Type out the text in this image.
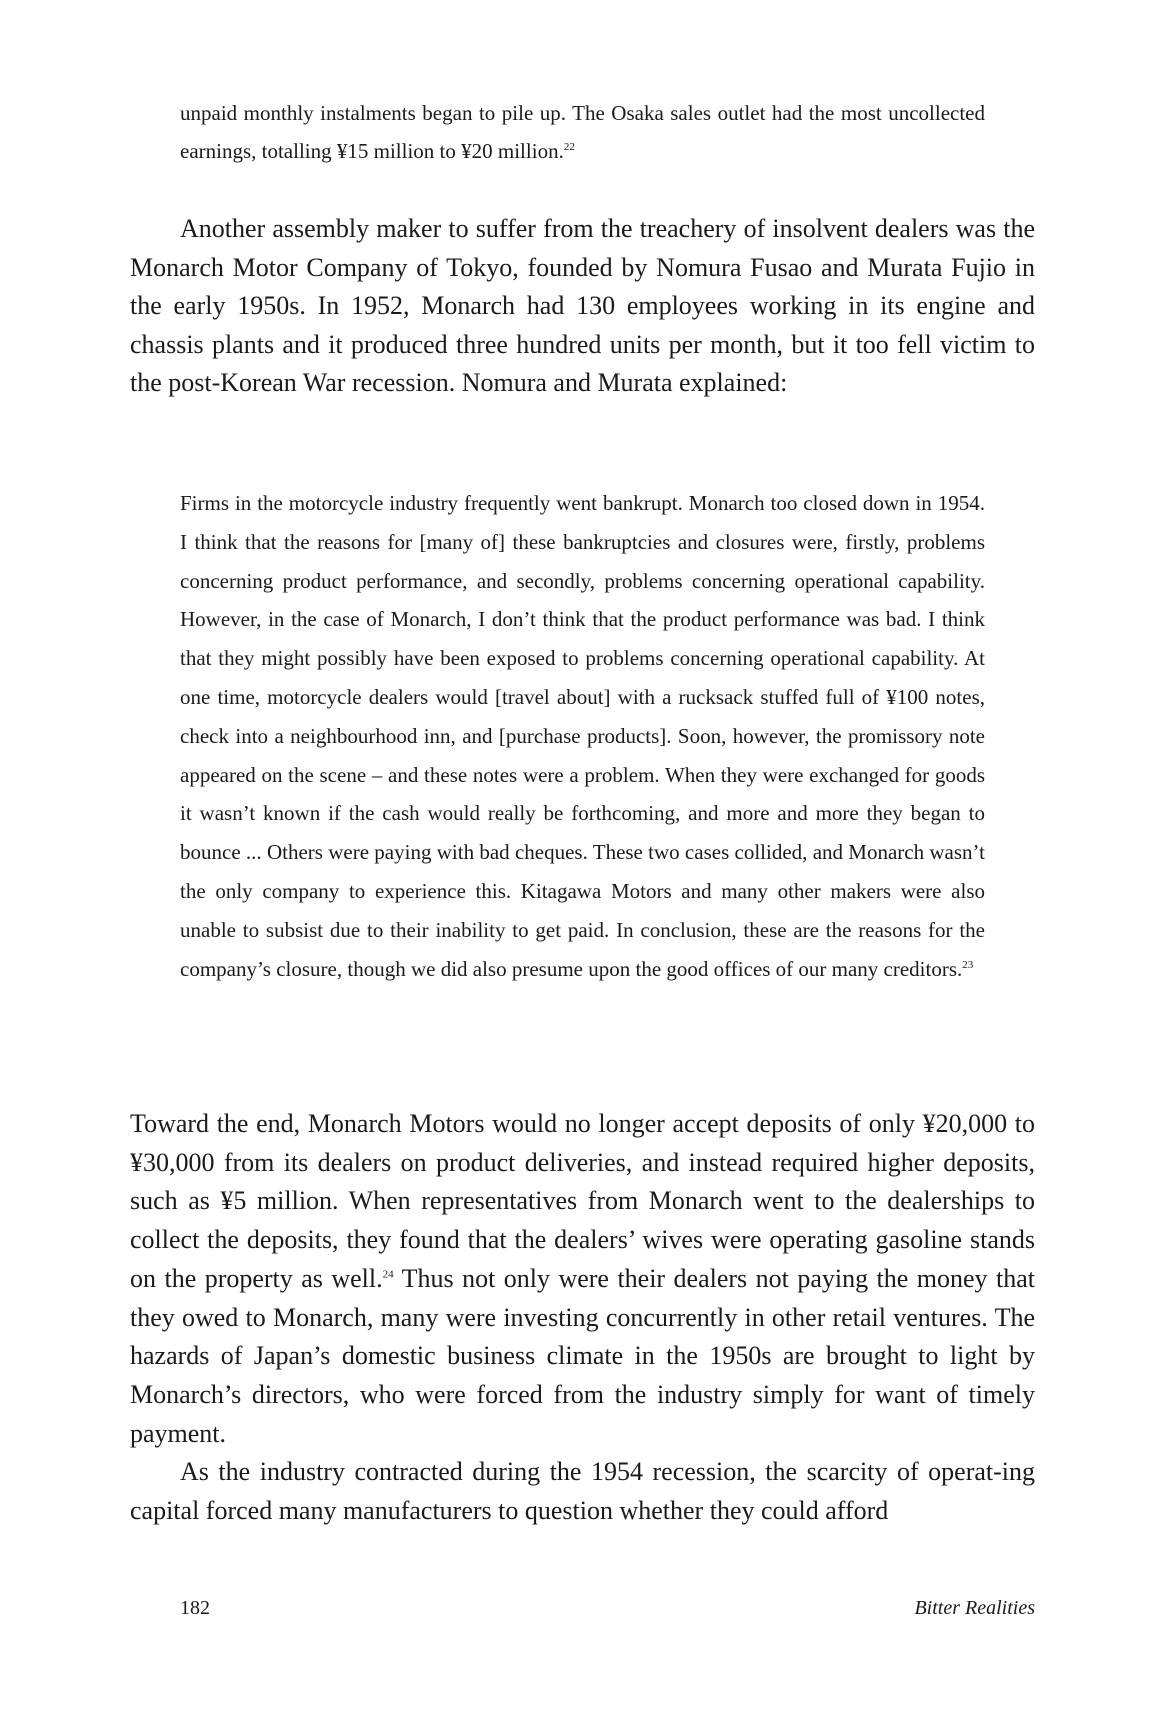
unpaid monthly instalments began to pile up. The Osaka sales outlet had the most uncollected earnings, totalling ¥15 million to ¥20 million.$^{22}$

Another assembly maker to suffer from the treachery of insolvent dealers was the Monarch Motor Company of Tokyo, founded by Nomura Fusao and Murata Fujio in the early 1950s. In 1952, Monarch had 130 employees working in its engine and chassis plants and it produced three hundred units per month, but it too fell victim to the post-Korean War recession. Nomura and Murata explained:

Firms in the motorcycle industry frequently went bankrupt. Monarch too closed down in 1954. I think that the reasons for [many of] these bankruptcies and closures were, firstly, problems concerning product performance, and secondly, problems concerning operational capability. However, in the case of Monarch, I don’t think that the product performance was bad. I think that they might possibly have been exposed to problems concerning operational capability. At one time, motorcycle dealers would [travel about] with a rucksack stuffed full of ¥100 notes, check into a neighbourhood inn, and [purchase products]. Soon, however, the promissory note appeared on the scene – and these notes were a problem. When they were exchanged for goods it wasn’t known if the cash would really be forthcoming, and more and more they began to bounce ... Others were paying with bad cheques. These two cases collided, and Monarch wasn’t the only company to experience this. Kitagawa Motors and many other makers were also unable to subsist due to their inability to get paid. In conclusion, these are the reasons for the company’s closure, though we did also presume upon the good offices of our many creditors.$^{23}$

Toward the end, Monarch Motors would no longer accept deposits of only ¥20,000 to ¥30,000 from its dealers on product deliveries, and instead required higher deposits, such as ¥5 million. When representatives from Monarch went to the dealerships to collect the deposits, they found that the dealers’ wives were operating gasoline stands on the property as well.$^{24}$ Thus not only were their dealers not paying the money that they owed to Monarch, many were investing concurrently in other retail ventures. The hazards of Japan’s domestic business climate in the 1950s are brought to light by Monarch’s directors, who were forced from the industry simply for want of timely payment.

As the industry contracted during the 1954 recession, the scarcity of operat-ing capital forced many manufacturers to question whether they could afford

182	Bitter Realities
